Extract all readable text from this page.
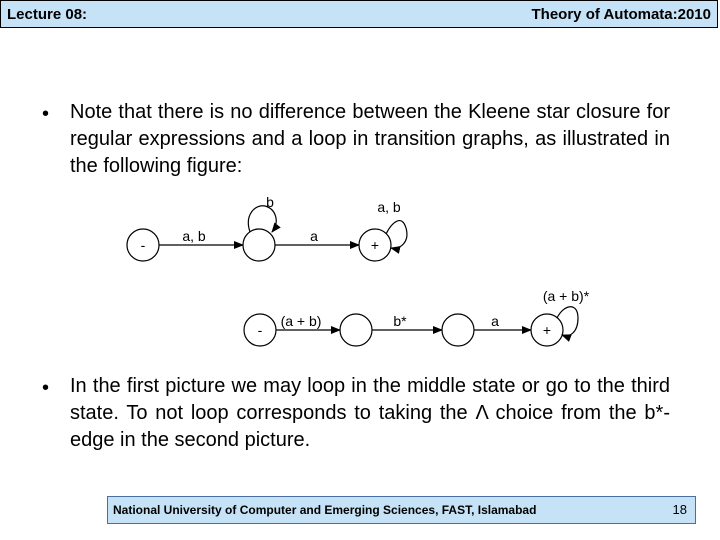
Lecture 08:	Theory of Automata:2010
• Note that there is no difference between the Kleene star closure for regular expressions and a loop in transition graphs, as illustrated in the following figure:
-	+
a, b	a
b	a, b
-	+
(a + b)	b*	a
(a + b)*
• In the first picture we may loop in the middle state or go to the third state. To not loop corresponds to taking the Λ choice from the b*-edge in the second picture.
National University of Computer and Emerging Sciences, FAST, Islamabad	18
